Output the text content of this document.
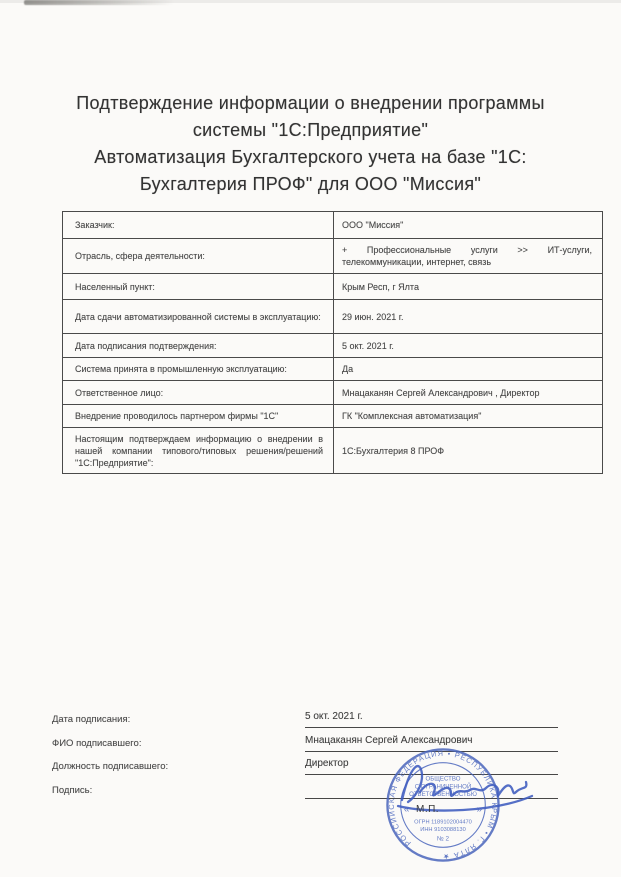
Подтверждение информации о внедрении программы
системы "1С:Предприятие"
Автоматизация Бухгалтерского учета на базе "1С:
Бухгалтерия ПРОФ" для ООО "Миссия"
Заказчик:	ООО "Миссия"
Отрасль, сфера деятельности:	+ Профессиональные услуги >> ИТ-услуги, телекоммуникации, интернет, связь
Населенный пункт:	Крым Респ, г Ялта
Дата сдачи автоматизированной системы в эксплуатацию:	29 июн. 2021 г.
Дата подписания подтверждения:	5 окт. 2021 г.
Система принята в промышленную эксплуатацию:	Да
Ответственное лицо:	Мнацаканян Сергей Александрович , Директор
Внедрение проводилось партнером фирмы "1С"	ГК "Комплексная автоматизация"
Настоящим подтверждаем информацию о внедрении в нашей компании типового/типовых решения/решений "1С:Предприятие":	1С:Бухгалтерия 8 ПРОФ
Дата подписания:	5 окт. 2021 г.
ФИО подписавшего:	Мнацаканян Сергей Александрович
Должность подписавшего:	Директор
Подпись:
РОССИЙСКАЯ ФЕДЕРАЦИЯ • РЕСПУБЛИКА КРЫМ • Г. ЯЛТА ★
ОБЩЕСТВО
С ОГРАНИЧЕННОЙ
ОТВЕТСТВЕННОСТЬЮ
«	»
ОГРН 1189102004470
ИНН 9103088130
№ 2
М.П.
